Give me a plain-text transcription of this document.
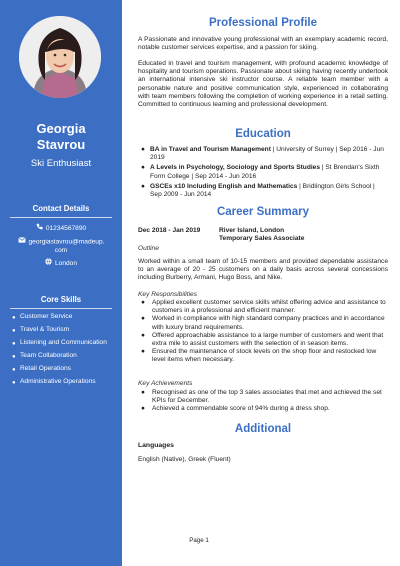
Georgia
Stavrou
Ski Enthusiast
Contact Details
01234567890
georgiastavrou@madeup.
com
London
Core Skills
● Customer Service
● Travel & Tourism
● Listening and Communication
● Team Collaboration
● Retail Operations
● Administrative Operations
Professional Profile

A Passionate and innovative young professional with an exemplary academic record, notable customer services expertise, and a passion for skiing.

Educated in travel and tourism management, with profound academic knowledge of hospitality and tourism operations. Passionate about skiing having recently undertook an international intensive ski instructor course. A reliable team member with a personable nature and positive communication style, experienced in collaborating with team members following the completion of working experience in a retail setting. Committed to continuous learning and professional development.

Education
● BA in Travel and Tourism Management | University of Surrey | Sep 2016 - Jun 2019
● A Levels in Psychology, Sociology and Sports Studies | St Brendan's Sixth Form College | Sep 2014 - Jun 2016
● GSCEs x10 Including English and Mathematics | Bridlington Girls School | Sep 2009 - Jun 2014
Career Summary
Dec 2018 - Jan 2019	River Island, London
Temporary Sales Associate
Outline

Worked within a small team of 10-15 members and provided dependable assistance to an average of 20 - 25 customers on a daily basis across several concessions including Burberry, Armani, Hugo Boss, and Nike.

Key Responsibilities
● Applied excellent customer service skills whilst offering advice and assistance to customers in a professional and efficient manner.
● Worked in compliance with high standard company practices and in accordance with luxury brand requirements.
● Offered approachable assistance to a large number of customers and went that extra mile to assist customers with the selection of in season items.
● Ensured the maintenance of stock levels on the shop floor and restocked low level items when necessary.
Key Achievements
● Recognised as one of the top 3 sales associates that met and achieved the set KPIs for December.
● Achieved a commendable score of 94% during a dress shop.
Additional
Languages
English (Native), Greek (Fluent)
Page 1
